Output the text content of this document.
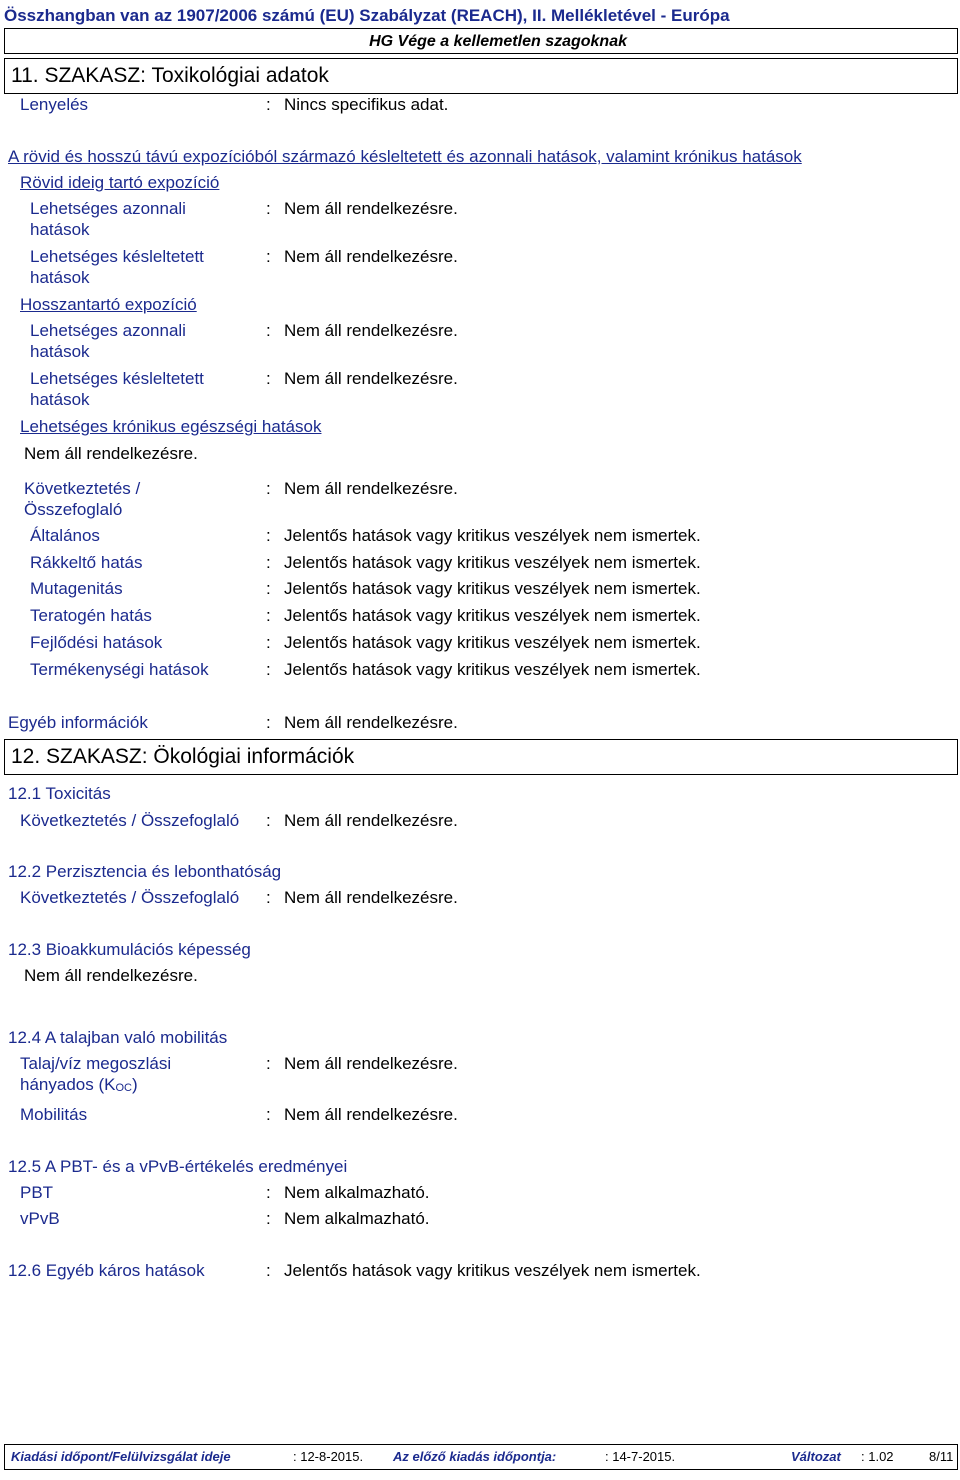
Összhangban van az 1907/2006 számú (EU) Szabályzat (REACH), II. Mellékletével - Európa
HG Vége a kellemetlen szagoknak
11. SZAKASZ: Toxikológiai adatok
Lenyelés	: Nincs specifikus adat.
A rövid és hosszú távú expozícióból származó késleltetett és azonnali hatások, valamint krónikus hatások
Rövid ideig tartó expozíció
Lehetséges azonnali
hatások
: Nem áll rendelkezésre.
Lehetséges késleltetett
hatások
: Nem áll rendelkezésre.
Hosszantartó expozíció
Lehetséges azonnali
hatások
: Nem áll rendelkezésre.
Lehetséges késleltetett
hatások
: Nem áll rendelkezésre.
Lehetséges krónikus egészségi hatások
Nem áll rendelkezésre.
Következtetés /
Összefoglaló
: Nem áll rendelkezésre.
Általános	: Jelentős hatások vagy kritikus veszélyek nem ismertek.
Rákkeltő hatás	: Jelentős hatások vagy kritikus veszélyek nem ismertek.
Mutagenitás	: Jelentős hatások vagy kritikus veszélyek nem ismertek.
Teratogén hatás	: Jelentős hatások vagy kritikus veszélyek nem ismertek.
Fejlődési hatások	: Jelentős hatások vagy kritikus veszélyek nem ismertek.
Termékenységi hatások	: Jelentős hatások vagy kritikus veszélyek nem ismertek.
Egyéb információk	: Nem áll rendelkezésre.
12. SZAKASZ: Ökológiai információk
12.1 Toxicitás
Következtetés / Összefoglaló : Nem áll rendelkezésre.
12.2 Perzisztencia és lebonthatóság
Következtetés / Összefoglaló : Nem áll rendelkezésre.
12.3 Bioakkumulációs képesség
Nem áll rendelkezésre.
12.4 A talajban való mobilitás
Talaj/víz megoszlási
hányados $(K_{OC})$
: Nem áll rendelkezésre.
Mobilitás	: Nem áll rendelkezésre.
12.5 A PBT- és a vPvB-értékelés eredményei
PBT	: Nem alkalmazható.
vPvB	: Nem alkalmazható.
12.6 Egyéb káros hatások	: Jelentős hatások vagy kritikus veszélyek nem ismertek.
Kiadási időpont/Felülvizsgálat ideje	: 12-8-2015. Az előző kiadás időpontja:	: 14-7-2015.	Változat : 1.02	8/11
